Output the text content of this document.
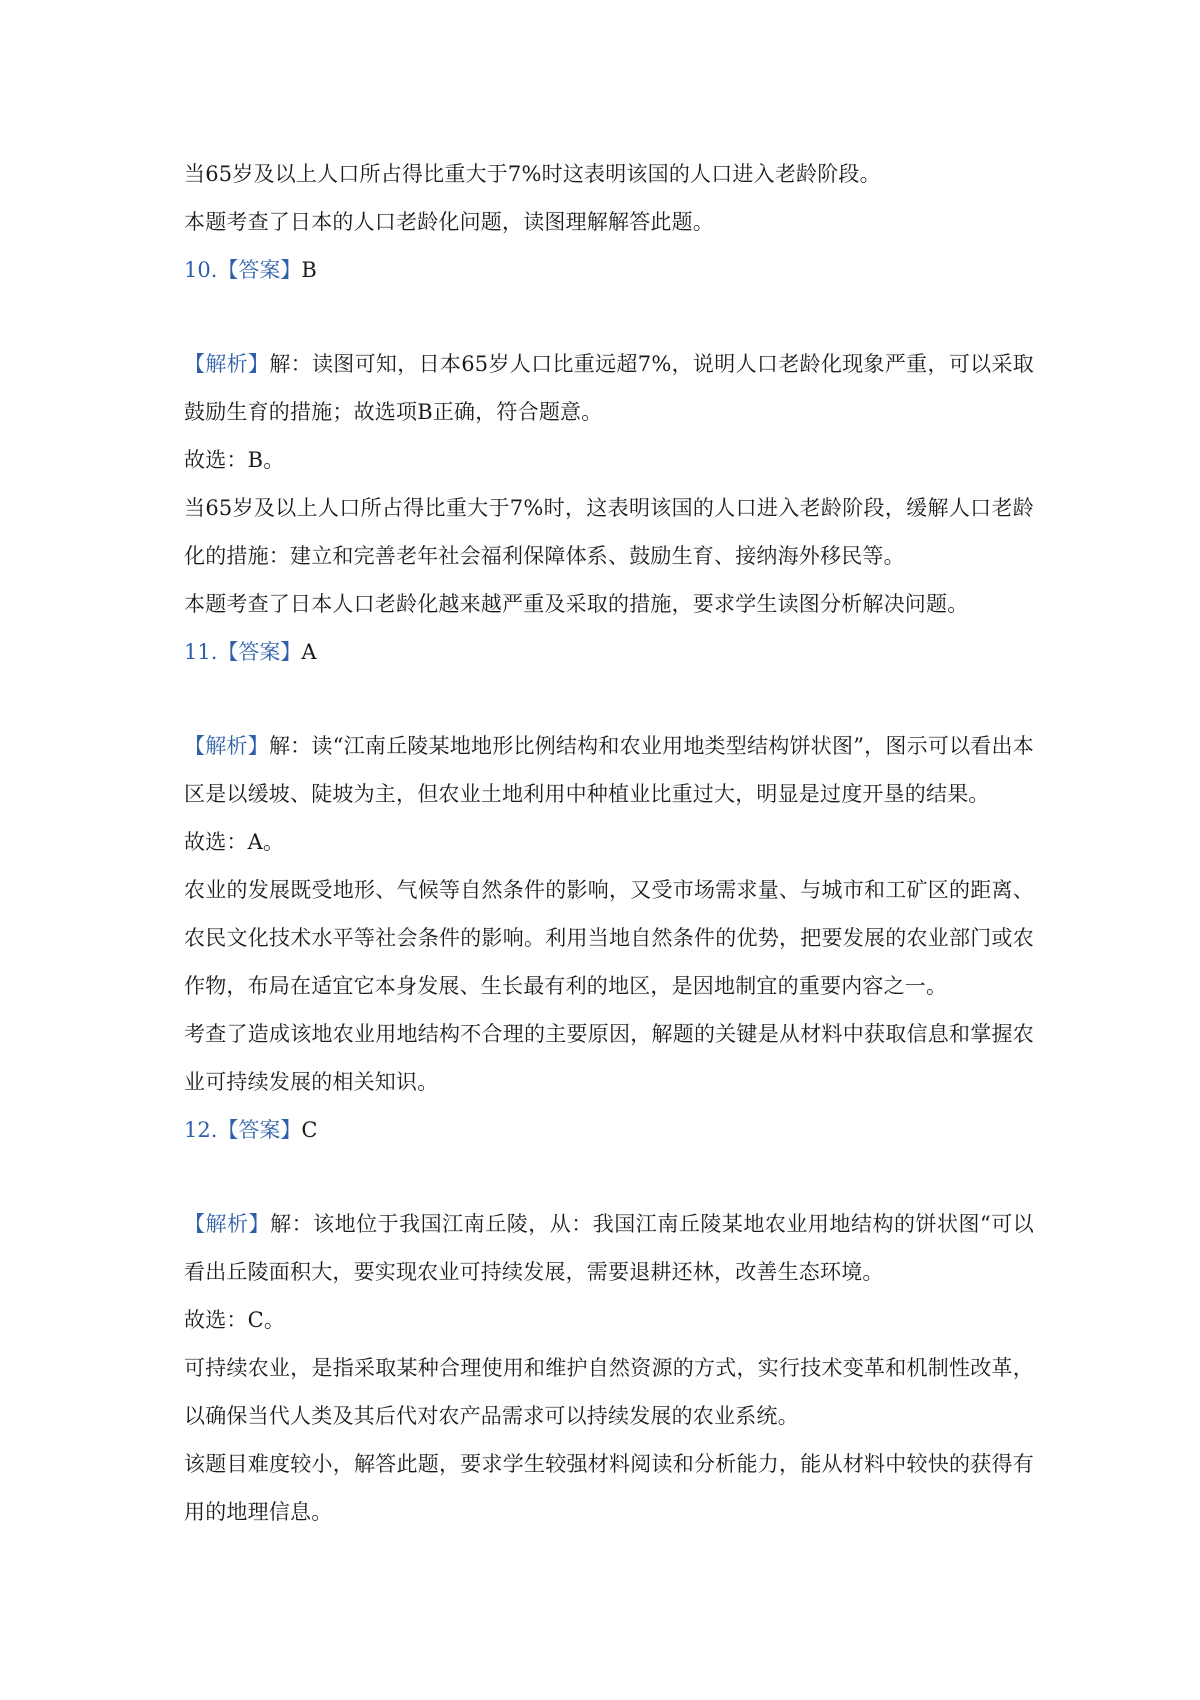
当65岁及以上人口所占得比重大于7%时这表明该国的人口进入老龄阶段。

本题考查了日本的人口老龄化问题，读图理解解答此题。

10.【答案】B

【解析】解：读图可知，日本65岁人口比重远超7%，说明人口老龄化现象严重，可以采取鼓励生育的措施；故选项B正确，符合题意。

故选：B。

当65岁及以上人口所占得比重大于7%时，这表明该国的人口进入老龄阶段，缓解人口老龄化的措施：建立和完善老年社会福利保障体系、鼓励生育、接纳海外移民等。

本题考查了日本人口老龄化越来越严重及采取的措施，要求学生读图分析解决问题。

11.【答案】A

【解析】解：读“江南丘陵某地地形比例结构和农业用地类型结构饼状图”，图示可以看出本区是以缓坡、陡坡为主，但农业土地利用中种植业比重过大，明显是过度开垦的结果。

故选：A。

农业的发展既受地形、气候等自然条件的影响，又受市场需求量、与城市和工矿区的距离、农民文化技术水平等社会条件的影响。利用当地自然条件的优势，把要发展的农业部门或农作物，布局在适宜它本身发展、生长最有利的地区，是因地制宜的重要内容之一。

考查了造成该地农业用地结构不合理的主要原因，解题的关键是从材料中获取信息和掌握农业可持续发展的相关知识。

12.【答案】C

【解析】解：该地位于我国江南丘陵，从：我国江南丘陵某地农业用地结构的饼状图“可以看出丘陵面积大，要实现农业可持续发展，需要退耕还林，改善生态环境。

故选：C。

可持续农业，是指采取某种合理使用和维护自然资源的方式，实行技术变革和机制性改革，以确保当代人类及其后代对农产品需求可以持续发展的农业系统。

该题目难度较小，解答此题，要求学生较强材料阅读和分析能力，能从材料中较快的获得有用的地理信息。
